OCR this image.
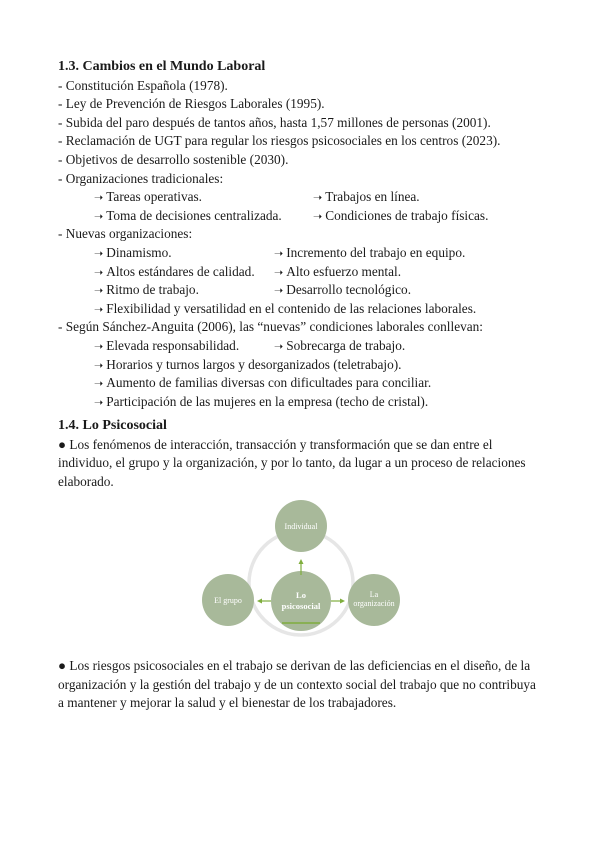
1.3. Cambios en el Mundo Laboral
- Constitución Española (1978).
- Ley de Prevención de Riesgos Laborales (1995).
- Subida del paro después de tantos años, hasta 1,57 millones de personas (2001).
- Reclamación de UGT para regular los riesgos psicosociales en los centros (2023).
- Objetivos de desarrollo sostenible (2030).
- Organizaciones tradicionales:
➝ Tareas operativas.	➝ Trabajos en línea.
➝ Toma de decisiones centralizada.	➝ Condiciones de trabajo físicas.
- Nuevas organizaciones:
➝ Dinamismo.	➝ Incremento del trabajo en equipo.
➝ Altos estándares de calidad.	➝ Alto esfuerzo mental.
➝ Ritmo de trabajo.	➝ Desarrollo tecnológico.
➝ Flexibilidad y versatilidad en el contenido de las relaciones laborales.
- Según Sánchez-Anguita (2006), las “nuevas” condiciones laborales conllevan:
➝ Elevada responsabilidad.	➝ Sobrecarga de trabajo.
➝ Horarios y turnos largos y desorganizados (teletrabajo).
➝ Aumento de familias diversas con dificultades para conciliar.
➝ Participación de las mujeres en la empresa (techo de cristal).
1.4. Lo Psicosocial
● Los fenómenos de interacción, transacción y transformación que se dan entre el individuo, el grupo y la organización, y por lo tanto, da lugar a un proceso de relaciones elaborado.
Individual
El grupo
La
organización
Lo
psicosocial
● Los riesgos psicosociales en el trabajo se derivan de las deficiencias en el diseño, de la organización y la gestión del trabajo y de un contexto social del trabajo que no contribuya a mantener y mejorar la salud y el bienestar de los trabajadores.
